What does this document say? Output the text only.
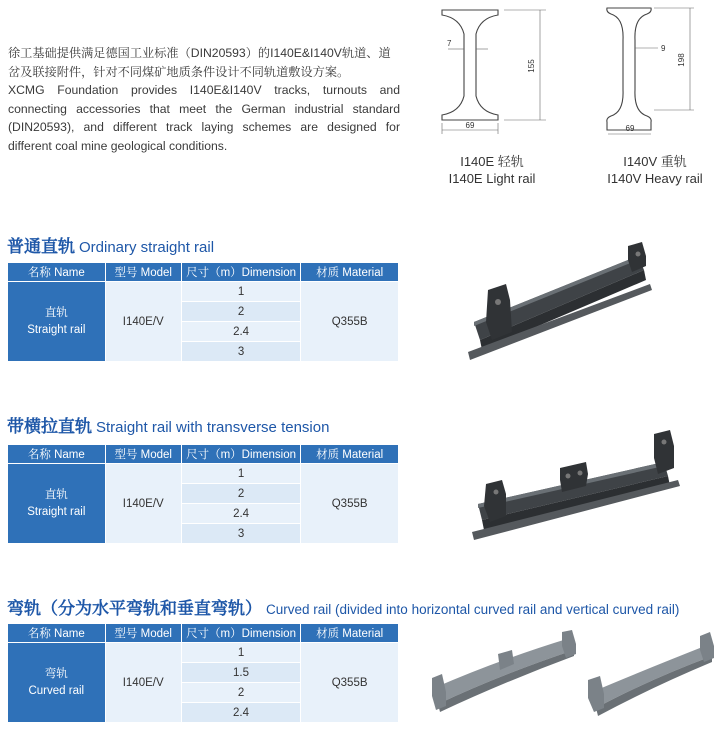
徐工基础提供满足德国工业标准（DIN20593）的I140E&I140V轨道、道岔及联接附件，针对不同煤矿地质条件设计不同轨道敷设方案。

XCMG Foundation provides I140E&I140V tracks, turnouts and connecting accessories that meet the German industrial standard (DIN20593), and different track laying schemes are designed for different coal mine geological conditions.

7
155
69
I140E 轻轨
I140E Light rail
9
198
69
I140V 重轨
I140V Heavy rail
普通直轨 Ordinary straight rail
名称 Name	型号 Model	尺寸（m）Dimension	材质 Material

直轨
Straight rail	I140E/V	1	Q355B
		2	
		2.4	
		3	
带横拉直轨 Straight rail with transverse tension
名称 Name	型号 Model	尺寸（m）Dimension	材质 Material

直轨
Straight rail	I140E/V	1	Q355B
		2	
		2.4	
		3	
弯轨（分为水平弯轨和垂直弯轨） Curved rail (divided into horizontal curved rail and vertical curved rail)
名称 Name	型号 Model	尺寸（m）Dimension	材质 Material

弯轨
Curved rail	I140E/V	1	Q355B
		1.5	
		2	
		2.4	
